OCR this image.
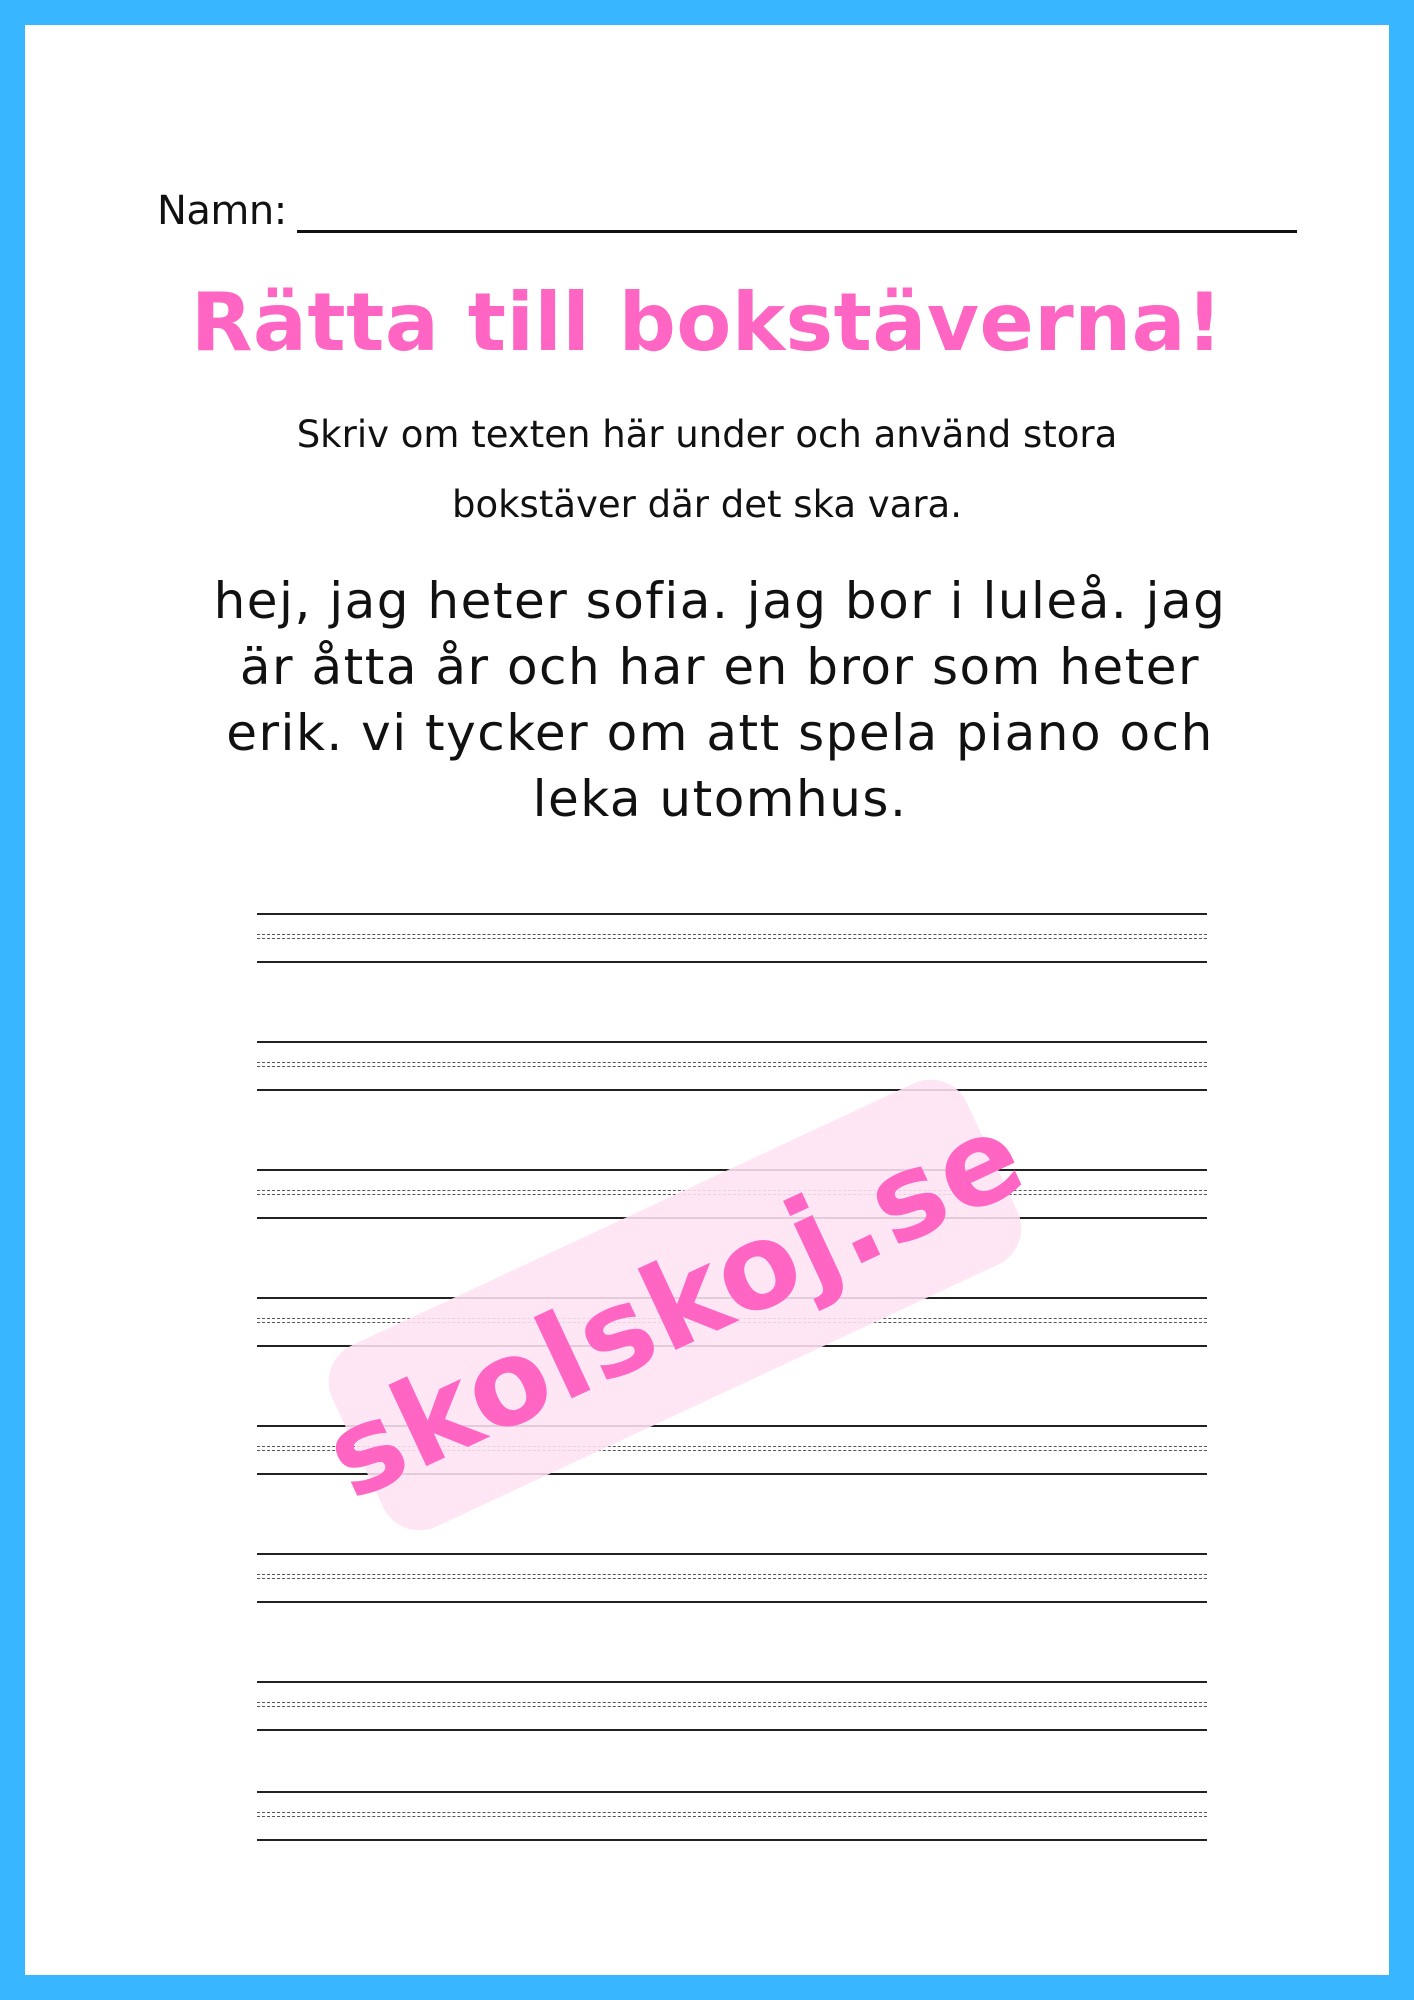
Namn:
Rätta till bokstäverna!
Skriv om texten här under och använd stora
bokstäver där det ska vara.
hej, jag heter sofia. jag bor i luleå. jag
är åtta år och har en bror som heter
erik. vi tycker om att spela piano och
leka utomhus.
skolskoj.se
